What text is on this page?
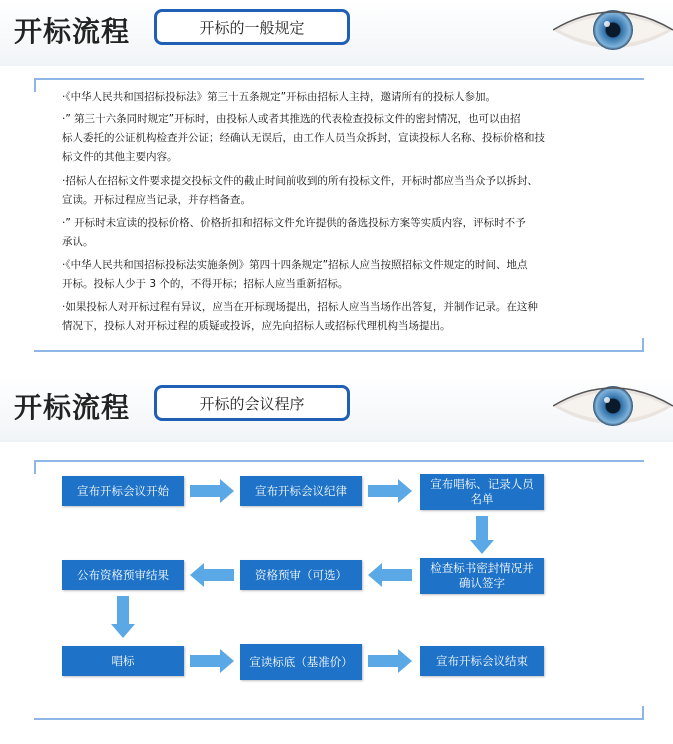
开标流程	开标的一般规定
·《中华人民共和国招标投标法》第三十五条规定”开标由招标人主持，邀请所有的投标人参加。
·” 第三十六条同时规定”开标时，由投标人或者其推选的代表检查投标文件的密封情况，也可以由招
标人委托的公证机构检查并公证；经确认无误后，由工作人员当众拆封，宣读投标人名称、投标价格和技
标文件的其他主要内容。
·招标人在招标文件要求提交投标文件的截止时间前收到的所有投标文件，开标时都应当当众予以拆封、
宣读。开标过程应当记录，并存档备查。
·” 开标时未宣读的投标价格、价格折扣和招标文件允许提供的备选投标方案等实质内容，评标时不予
承认。
·《中华人民共和国招标投标法实施条例》第四十四条规定”招标人应当按照招标文件规定的时间、地点
开标。投标人少于 3 个的，不得开标；招标人应当重新招标。
·如果投标人对开标过程有异议，应当在开标现场提出，招标人应当当场作出答复，并制作记录。在这种
情况下，投标人对开标过程的质疑或投诉，应先向招标人或招标代理机构当场提出。
开标流程	开标的会议程序
宣布开标会议开始	宣布开标会议纪律	宣布唱标、记录人员名单
公布资格预审结果	资格预审（可选）	检查标书密封情况并确认签字
唱标	宣读标底（基准价）	宣布开标会议结束
